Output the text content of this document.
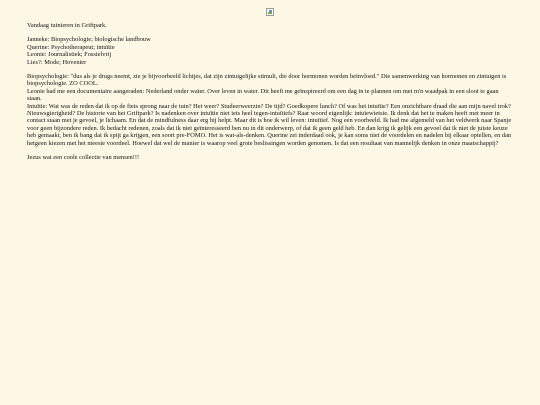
Vandaag tuinieren in Griftpark.

Janneke: Biopsychologie; biologische landbouw
Querine: Psychotherapeut; intuïtie
Leonie: Journalistiek; Fossielvrij
Lies?: Mode; Hovenier

Biopsychologie: "dus als je drugs neemt, zie je bijvoorbeeld lichtjes, dat zijn zintuigelijke stimuli, die door hormonen worden beïnvloed." Die samenwerking van hormonen en zintuigen is biopsychologie. ZO COOL.
Leonie had me een documentaire aangeraden: Nederland onder water. Over leven in water. Dit heeft me geïnspireerd om een dag in te plannen om met m'n waadpak in een sloot te gaan staan.
Intuïtie: Wat was de reden dat ik op de fiets sprong naar de tuin? Het weer? Studeerweerzin? De tijd? Goedkopere lunch? Of was het intuïtie? Een onzichtbare draad die aan mijn navel trok? Nieuwsgierigheid? De historie van het Griftpark? Is nadenken over intuïtie niet iets heel tegen-intuïtiefs? Raar woord eigenlijk: intuïewietsie. Ik denk dat het te maken heeft met meer in contact staan met je gevoel, je lichaam. En dat de mindfulness daar erg bij helpt. Maar dit is hoe ik wil leven: intuïtief. Nog een voorbeeld. Ik had me afgemeld van het veldwerk naar Spanje voor geen bijzondere reden. Ik bedacht redenen, zoals dat ik niet geïnteresseerd ben nu in dit onderwerp, of dat ik geen geld heb. En dan krijg ik gelijk een gevoel dat ik niet de juiste keuze heb gemaakt, ben ik bang dat ik spijt ga krijgen, een soort pre-FOMO. Het is wat-als-denken. Querine zei inderdaad ook, je kan soms niet de voordelen en nadelen bij elkaar optellen, en dan hetgeen kiezen met het meeste voordeel. Hoewel dat wel de manier is waarop veel grote beslissingen worden genomen. Is dat een resultaat van mannelijk denken in onze maatschappij?

Jezus wat een coole collectie van mensen!!!
